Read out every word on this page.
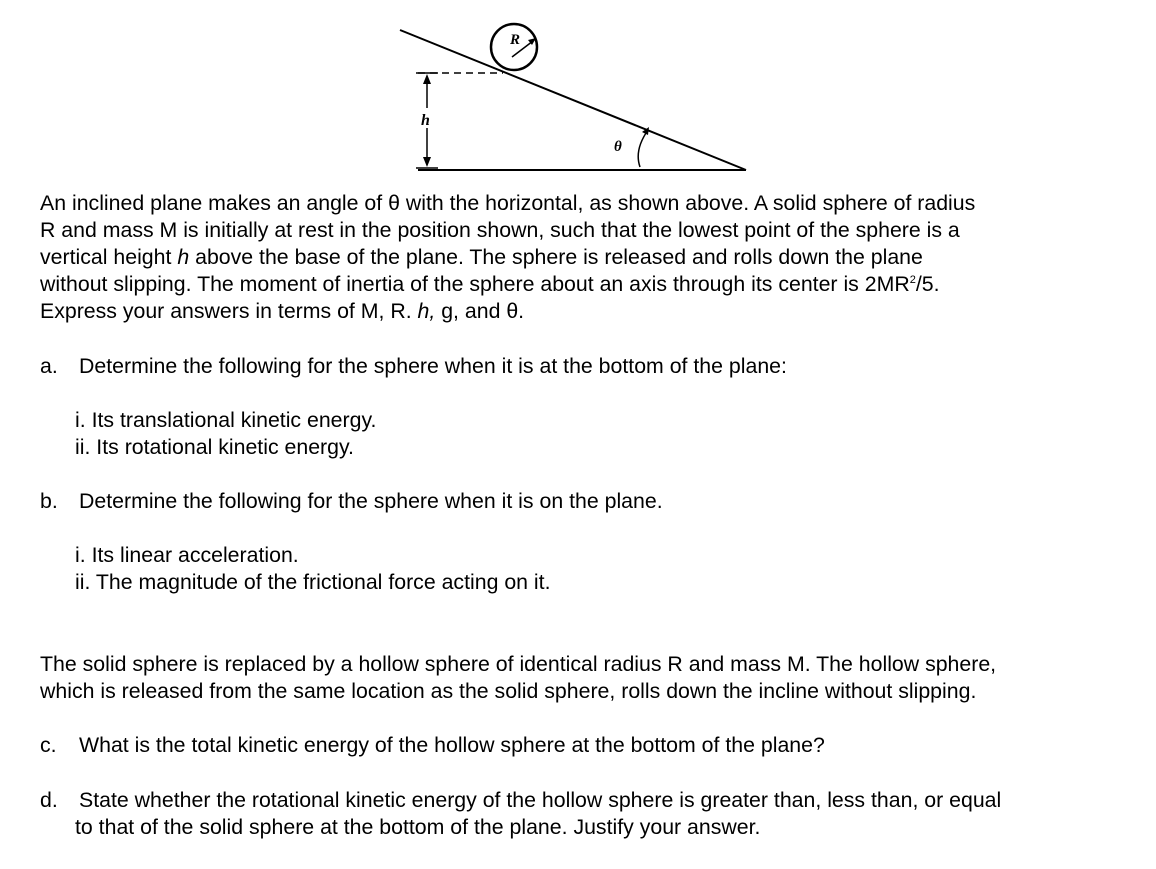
R
h
θ
An inclined plane makes an angle of θ with the horizontal, as shown above. A solid sphere of radius
R and mass M is initially at rest in the position shown, such that the lowest point of the sphere is a
vertical height h above the base of the plane. The sphere is released and rolls down the plane
without slipping. The moment of inertia of the sphere about an axis through its center is $2MR^2/5$.
Express your answers in terms of M, R. h, g, and θ.
a. Determine the following for the sphere when it is at the bottom of the plane:
i. Its translational kinetic energy.
ii. Its rotational kinetic energy.
b. Determine the following for the sphere when it is on the plane.
i. Its linear acceleration.
ii. The magnitude of the frictional force acting on it.
The solid sphere is replaced by a hollow sphere of identical radius R and mass M. The hollow sphere,
which is released from the same location as the solid sphere, rolls down the incline without slipping.
c. What is the total kinetic energy of the hollow sphere at the bottom of the plane?
d. State whether the rotational kinetic energy of the hollow sphere is greater than, less than, or equal
to that of the solid sphere at the bottom of the plane. Justify your answer.
